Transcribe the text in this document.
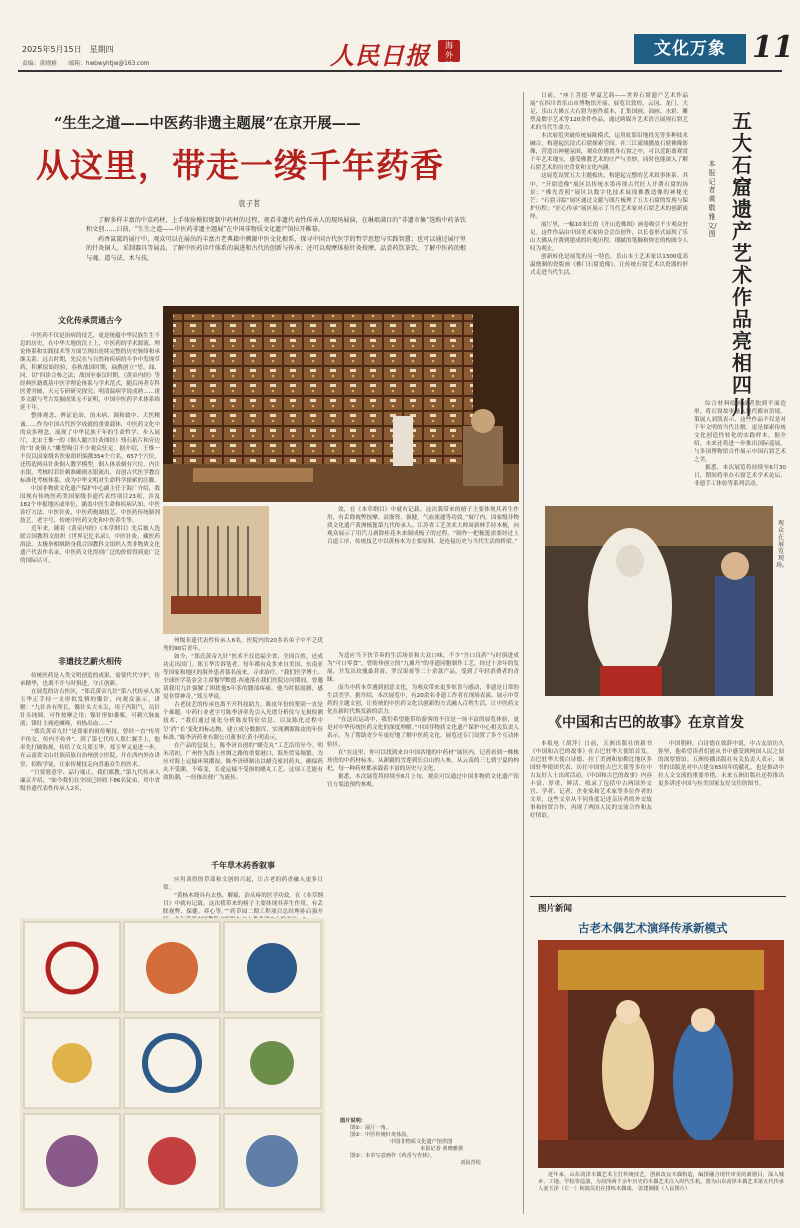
2025年5月15日　星期四
责编：黄晓雅　　邮箱：hwbwyhtjw@163.com	人民日报 海外版
文化万象 11
“生生之道——中医药非遗主题展”在京开展——
从这里，带走一缕千年药香
袁子茗

了解多样丰富的中草药材，上手体验模拟炮制中药材的过程，观看非遗代表性传承人的现场展演，在琳琅满目的“非遗市集”选购中药茶饮和文创……日前，“生生之道——中医药非遗主题展”在中国非物质文化遗产馆拉开帷幕。

药香氤氲的展厅中，观众可以在展出的丰富古老典籍中溯源中医文化根系，探寻中国古代医学的哲学思想与实践智慧；也可以通过展厅里的针灸铜人、采制器具等展品，了解中医药诊疗体系的演进和古代的创新与传承；还可以观摩体验针灸按摩、品尝药饮茶饮，了解中医药的根与魂、道与法、术与技。

文化传承贯通古今

中医药不仅是治病的技艺，更是统蕴中华民族生生不息的历史。在中华大地的沃土上，中医药的学术源流、理论体系和实践技术等方面呈现出连续完整的历史脉络和承继关系：远古时期，先民在与自然和疾病的斗争中发现草药，积累原始经验，春秋战国时期，扁鹊创立“望、闻、问、切”四诊合参之法；战国至秦汉时期，《黄帝内经》等经典医籍奠基中医学理论体系与学术范式，随后再者专科医著突破，天元专研研究探究；明清温病学说成熟……诸多文献与考古发掘成果无不证明，中国中医药学术体系绵延千年。

整体观念、辨证论治、治未病、调和致中、大医精诚……作为中国古代医学成就的重要载体，中医药文化中的众多理念，展现了中华民族千年的生命哲学。步入展厅，北宋王惟一的《铜人腧穴针灸图经》残石拓片和旁边的“针灸铜人”雕塑吸引不少观众驻足。据介绍，王惟一不仅以国家级名医家组织编撰354个穴名，657个穴位，还铸造两具针灸铜人教学模型，铜人体表刻有穴位、内注水银，考核时若针刺准确则水银流出，首创古代医学教育标准化考核体系，成为中华文明对生命科学探索的注脚。

中国非物质文化遗产保护中心副主任于海广介绍，我国现有传统医药类国家级非遗代表性项目23项，涉及182个申报地区或单位，涵盖中医生命和疾病认知、中医诊疗方法、中医针灸、中医药炮制技艺、中医药传统制剂技艺、老字号，传统中医药文化和中医养生等。

近年来，随着《黄帝内经》《本草纲目》先后被人选联合国教科文组织《世界记忆名录》，中医针灸、藏医药浴法、太极拳相继跻身我合国教科文组织人类非物质文化遗产代表作名录，中医药文化得到广泛的价值得到更广泛的国际认可。

非遗技艺薪火相传

传统医药是人类文明创造的成果，需要代代守护，传承精华，也离不开与时俱进，守正创新。

在展览的访古医区，“郑氏黄帝九针”第八代传承人郑玉华正手持一支形似发簪的镵针，向观众演示、讲解：“九针各有所长，镵针头大末尖，用于泻阳气，员针针头钝圆，可作按摩之用；镍针形如黍粟，可刺穴脉血液；锋针主痈疮瘫痪，再热出血……”

“郑氏黄帝九针”是郑家的祖传秘技，曾经一直“传男不传女，传内不传外”，到了第七代传人郑仁翼手上，他率先打破陈规，传给了女儿郑玉华。郑玉华又更进一步，在云南省文山壮族苗族自治州创立医院，开在西内外办讲堂，招收学徒，让家传秘技走向普惠众生的医术。

“只要愿意学、品行端正，我们都教。”第九代传承人廉京介绍，“如今我们在全国已经收下86名徒弟，其中省级非遗代表性传承人2名，

州级非遗代表性传承人6名，医院内的20多名弟子中不乏优秀的90后青年。

如今，“郑氏黄帝九针”医术不仅造福全省、全国百姓，还成功走出国门。郑玉华告诉笔者，每年都有众多来自美国、东南亚等国家和地区的海外患者慕名前来，寻求治疗。“我们医学博士、全球医学基金会主席穆罕默德·西迪落在我们医院访问期间，曾邀请我用九针强解了困扰他5年多的腰部疼痛。他当时很震撼，感觉非常神奇。”郑玉华说。

古老技艺的传承也离不开科技助力。陈皮年份的鉴别一直是个难题。中药行业老字号陈李济率先引入光谱分析仪与无损检测技术，“我们通过量化分析陈皮特征信息，以及陈化过程中呈‘消’‘长’变化的标志物，建立成分数据库，实现溯源陈皮的年份标准。”陈李济药业有限公司董事长黄小明表示。

在产品的包装上，陈李济首创的“蜡壳丸”工艺沿用至今。明末清初，广州作为海上丝绸之路的重要港口，海外贸易频繁。为应对海上运输环境潮湿，陈李济研制出以蜡壳密封药丸，确保药丸不受潮、不霉变，长途运输不受损的蜡丸工艺。这项工艺能有效防潮，一经推出便广为流传。

千年草木药香叙事

应用谈得的草部和文创的兴起，让古老的药香融入更多日常。

“黄杨木绕具有去热、解瘟，治头疼的医学功效。在《本草纲目》中就有记载。这次我带来的榜子主要体现其养生作用，有丢除视弊、保健、养心等。”“药草园二期工程项目总经理孙启强介

效，在《本草纲目》中就有记载。这次我带来的榜子主要体现其养生作用，有丢除视弊按摩、益脂肾、强健、气血流通等功效。”展厅内，国家级非物质文化遗产黄洲梳篦第九代传承人、江苏省工艺美术大师周新林手持木梳，向观众展示了用汽刀剥除桂花木来制成梳子的过程。“制作一把梳篦需要经过上百道工序，传统技艺中以黄杨木为主要原料，是连接历史与当代生活的桥梁。”

为适应当下快节奏的生活场景和大众口味，不少“吾口良药”与时俱进成为“可口零食”。曾盼珍创立的“九翼丹”的非遗同胞制作工艺，经过十余年的发展，开发出玫瑰桑葚膏、罗汉果膏等二十余款产品，受到了年轻消费者的青睐。

而当中药本草遇到创意文化，为观众带来更多惊喜与感动，非遗是日常的生活美学。据介绍，本次展览中，有20余名非遗工作者在现场表演、展示中草药的主题文创，让传统的中医药文化以创新的方式融入百姓生活，让中医药文化在新时代焕发新的活力。

“在这次运动中，我们希望能带给游客的不仅是一场丰富的展览体验，更是对中华传统医药文化的深度理解。”中国非物质文化遗产保护中心相关负责人表示，为了帮助青少年更好地了解中医药文化，展览还专门设置了多个互动体验区。

在“在这里，你可以找到来自中国各地的中药材”展区内，记者看到一株株珍贵的中药材标本。从新疆的雪莲到长白山的人参，从云南的三七到宁夏的枸杞，每一种药材都承载着丰富的历史与文化。

据悉，本次展览将持续至6月上旬，观众可以通过中国非物质文化遗产馆官方渠道预约参观。

图片说明：
图①：展厅一角。
图②：中医传统针灸体验。
中国非物质文化遗产馆供图
本报记者 黄晓雅摄
图③：本草写意画作《药香与杏林》。
刘晨青绘

日前，“座上菩提·华夏艺韵——世界石窟遗产艺术作品展”在四川省乐山市博物馆开展。展览以敦煌、云冈、龙门、大足、乐山大佛五大石窟为创作蓝本，汇集国画、油画、水彩、雕塑及数字艺术等120余件作品，通过跨媒介艺术语言展现石窟艺术的当代生命力。

本次展览突破传统展陈模式，运用虹影沿地投光等多种技术融合，构建起沉浸式石窟探索空间。在三江流域播放石窟佛像影像，营造出神秘氛围，观众仿佛置身石窟之中，可以近距离观赏千年艺术瑰宝，感受佛教艺术的庄严与美妙，同时也能深入了解石窟艺术的历史背景和文化内涵。

这展览设置五大主题板块，构建起完整的艺术叙事体系。其中，“开窟造像”展区以传统水墨再现古代匠人开凿石窟的场景；“佛光普照”展区以数字化技术展现佛教造像的神秘光芒；“石窟寻踪”展区通过文献与图片梳理了五大石窟的发现与保护历程；“匠心传承”展区展示了当代艺术家对石窟艺术的创新演绎。

展厅里，一幅10米长的《开山造佛图》画卷吸引不少观众驻足。这件作品由中国美术家协会会员创作，以长卷形式展现了乐山大佛从开凿到建成的壮观历程，细腻的笔触和恢宏的构图令人叹为观止。

创新转化是展览的另一特色。乐山本土艺术家以1300度高温烧制的瓷版画《佛门石窟造像》，让传统石窟艺术以瓷器的形式走进当代生活。

五大石窟遗产艺术作品亮相四川
本报记者　黄敬雅　文/图

综合材料绘画或者独到平面造形，将石窟故事融入现代都市语境。策展人刘凯表示，这些作品不仅是对千年文明的当代注解，更是探索传统文化创造性转化的实践样本。据介绍，未来还将进一步推出国际巡展，与多国博物馆合作展示中国石窟艺术之美。

据悉，本次展览将持续至6月30日，期间将举办石窟艺术学术论坛、非遗手工体验等系列活动。

观众在展览现场。
《中国和古巴的故事》在京首发

本报电（胡萍）日前，五洲出版社的新书《中国和古巴的故事》在古巴驻华大使馆首发。古巴驻华大使白诗德、拉丁美洲和加勒比地区多国驻华使团代表、历任中国驻古巴大使等多位中古友好人士出席活动。《中国和古巴的故事》内容丰富，厚重，鲜活，收录了包括中古两国外交官、学者、记者、企业家和艺术家等多位作者的文章，这些文章从不同角度记述亲历者的外交故事和经贸合作，再现了两国人民的交流合作和友好情谊。

中国朝鲜，白诗德在致辞中说，中古友谊历久弥坚，他希望读者们能从书中感受到两国人民之间的深厚情谊。五洲传播出版社有关负责人表示，该书的出版是对中古建交65周年的献礼，也是推动中拉人文交流的重要举措。未来五洲出版社还将推出更多讲述中国与拉美国家友好交往的图书。

图片新闻
古老木偶艺术演绎传承新模式
近年来，山东菏泽木偶艺术主打传统技艺，创新改良木偶构造，编排融合现代审美的新剧目，深入城乡、工地、学校等巡演，为菏泽两千余年历史的木偶艺术注入时代生机。图为山东菏泽木偶艺术第五代传承人姜玉泽（左一）和演员们在排练木偶戏。 张建湘摄（人民图片）
